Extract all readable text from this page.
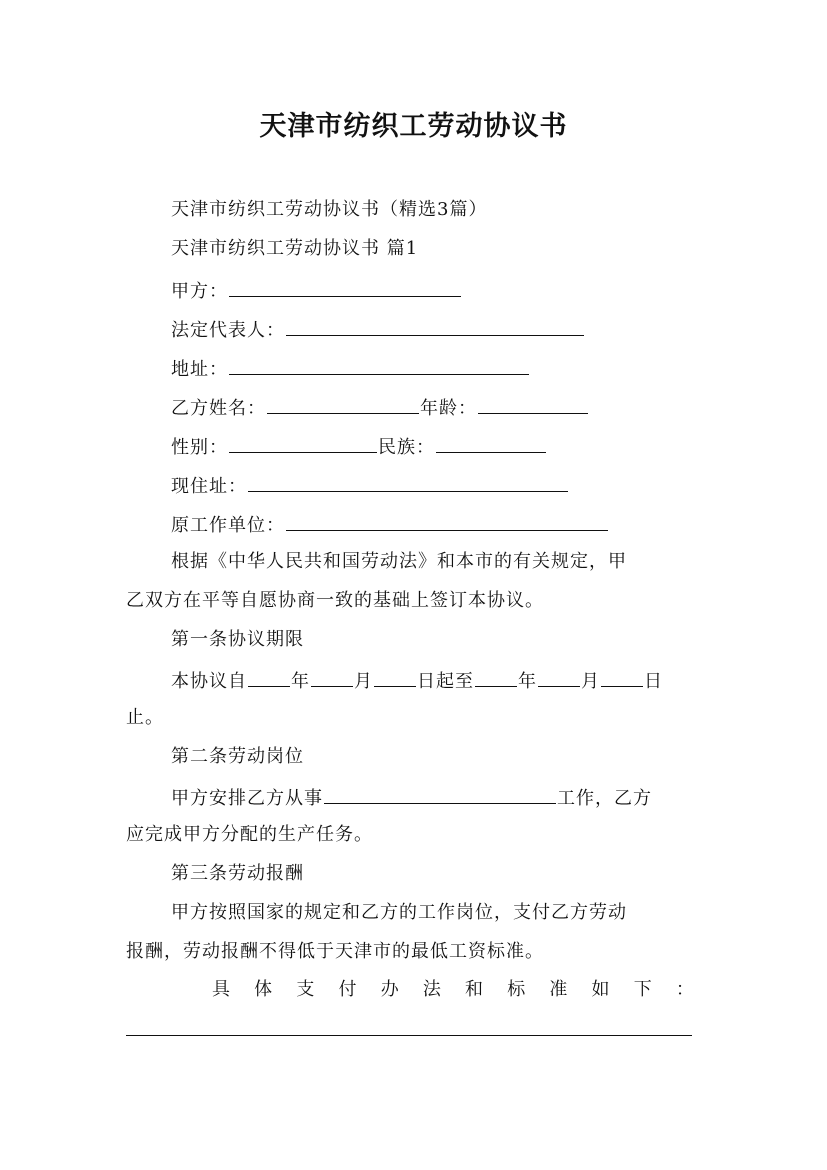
天津市纺织工劳动协议书
天津市纺织工劳动协议书（精选3篇）
天津市纺织工劳动协议书 篇1
甲方：
法定代表人：
地址：
乙方姓名：	年龄：
性别：	民族：
现住址：
原工作单位：
根据《中华人民共和国劳动法》和本市的有关规定，甲
乙双方在平等自愿协商一致的基础上签订本协议。
第一条协议期限
本协议自 年 月 日起至 年 月 日
止。
第二条劳动岗位
甲方安排乙方从事	工作，乙方
应完成甲方分配的生产任务。
第三条劳动报酬
甲方按照国家的规定和乙方的工作岗位，支付乙方劳动
报酬，劳动报酬不得低于天津市的最低工资标准。
具 体 支 付 办 法 和 标 准 如 下 ：
